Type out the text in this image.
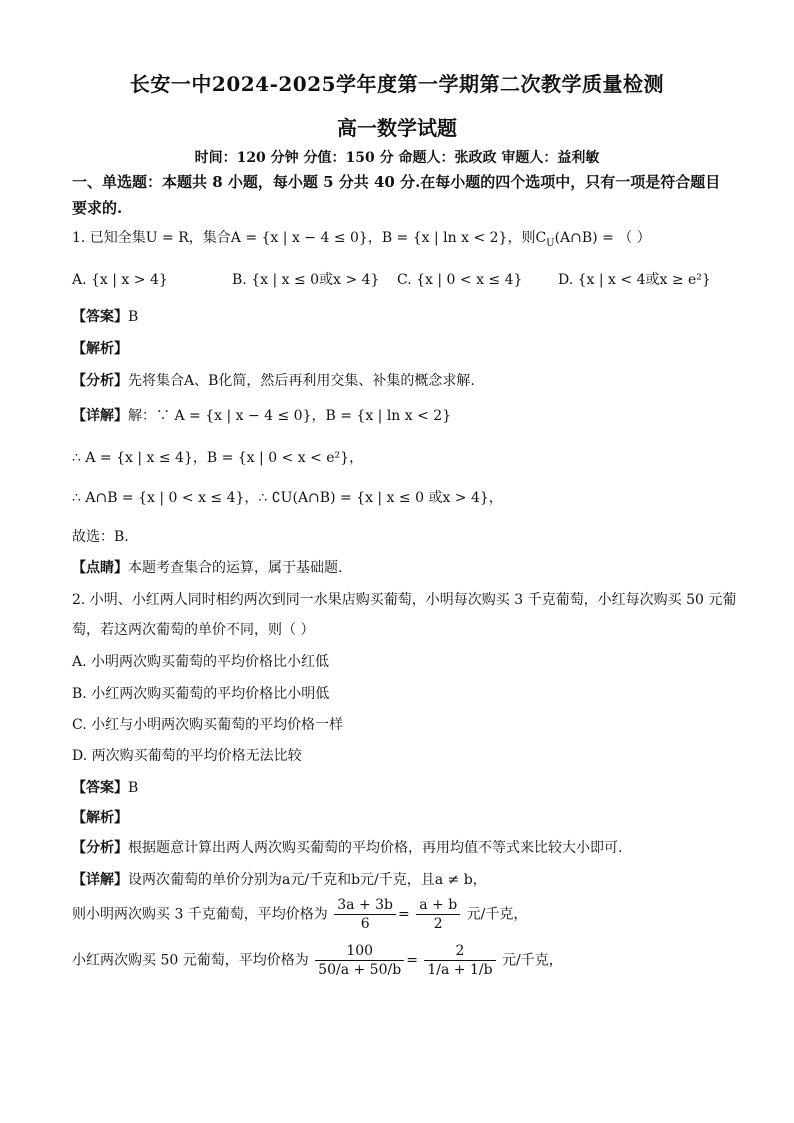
长安一中2024-2025学年度第一学期第二次教学质量检测
高一数学试题
时间：120 分钟 分值：150 分 命题人：张政政 审题人：益利敏
一、单选题：本题共 8 小题，每小题 5 分共 40 分.在每小题的四个选项中，只有一项是符合题目要求的.
1. 已知全集U = R，集合A = {x | x − 4 ≤ 0}，B = {x | ln x < 2}，则$C_U(A\cap B)$ = （ ）
A. {x | x > 4}	B. {x | x ≤ 0或x > 4} C. {x | 0 < x ≤ 4}	D. {x | x < 4或x ≥ e²}
【答案】B
【解析】
【分析】先将集合A、B化简，然后再利用交集、补集的概念求解.
【详解】解：∵ A = {x | x − 4 ≤ 0}，B = {x | ln x < 2}
∴ A = {x | x ≤ 4}，B = {x | 0 < x < e²}，
∴ A∩B = {x | 0 < x ≤ 4}，∴ ∁U(A∩B) = {x | x ≤ 0 或x > 4}，
故选：B.
【点睛】本题考查集合的运算，属于基础题.
2. 小明、小红两人同时相约两次到同一水果店购买葡萄，小明每次购买 3 千克葡萄，小红每次购买 50 元葡
萄，若这两次葡萄的单价不同，则（ ）
A. 小明两次购买葡萄的平均价格比小红低
B. 小红两次购买葡萄的平均价格比小明低
C. 小红与小明两次购买葡萄的平均价格一样
D. 两次购买葡萄的平均价格无法比较
【答案】B
【解析】
【分析】根据题意计算出两人两次购买葡萄的平均价格，再用均值不等式来比较大小即可.
【详解】设两次葡萄的单价分别为a元/千克和b元/千克，且a ≠ b，
则小明两次购买 3 千克葡萄，平均价格为 $\frac{3a + 3b}{6} = \frac{a + b}{2}$ 元/千克，
小红两次购买 50 元葡萄，平均价格为 $\frac{100}{50/a + 50/b} = \frac{2}{1/a + 1/b}$ 元/千克，
